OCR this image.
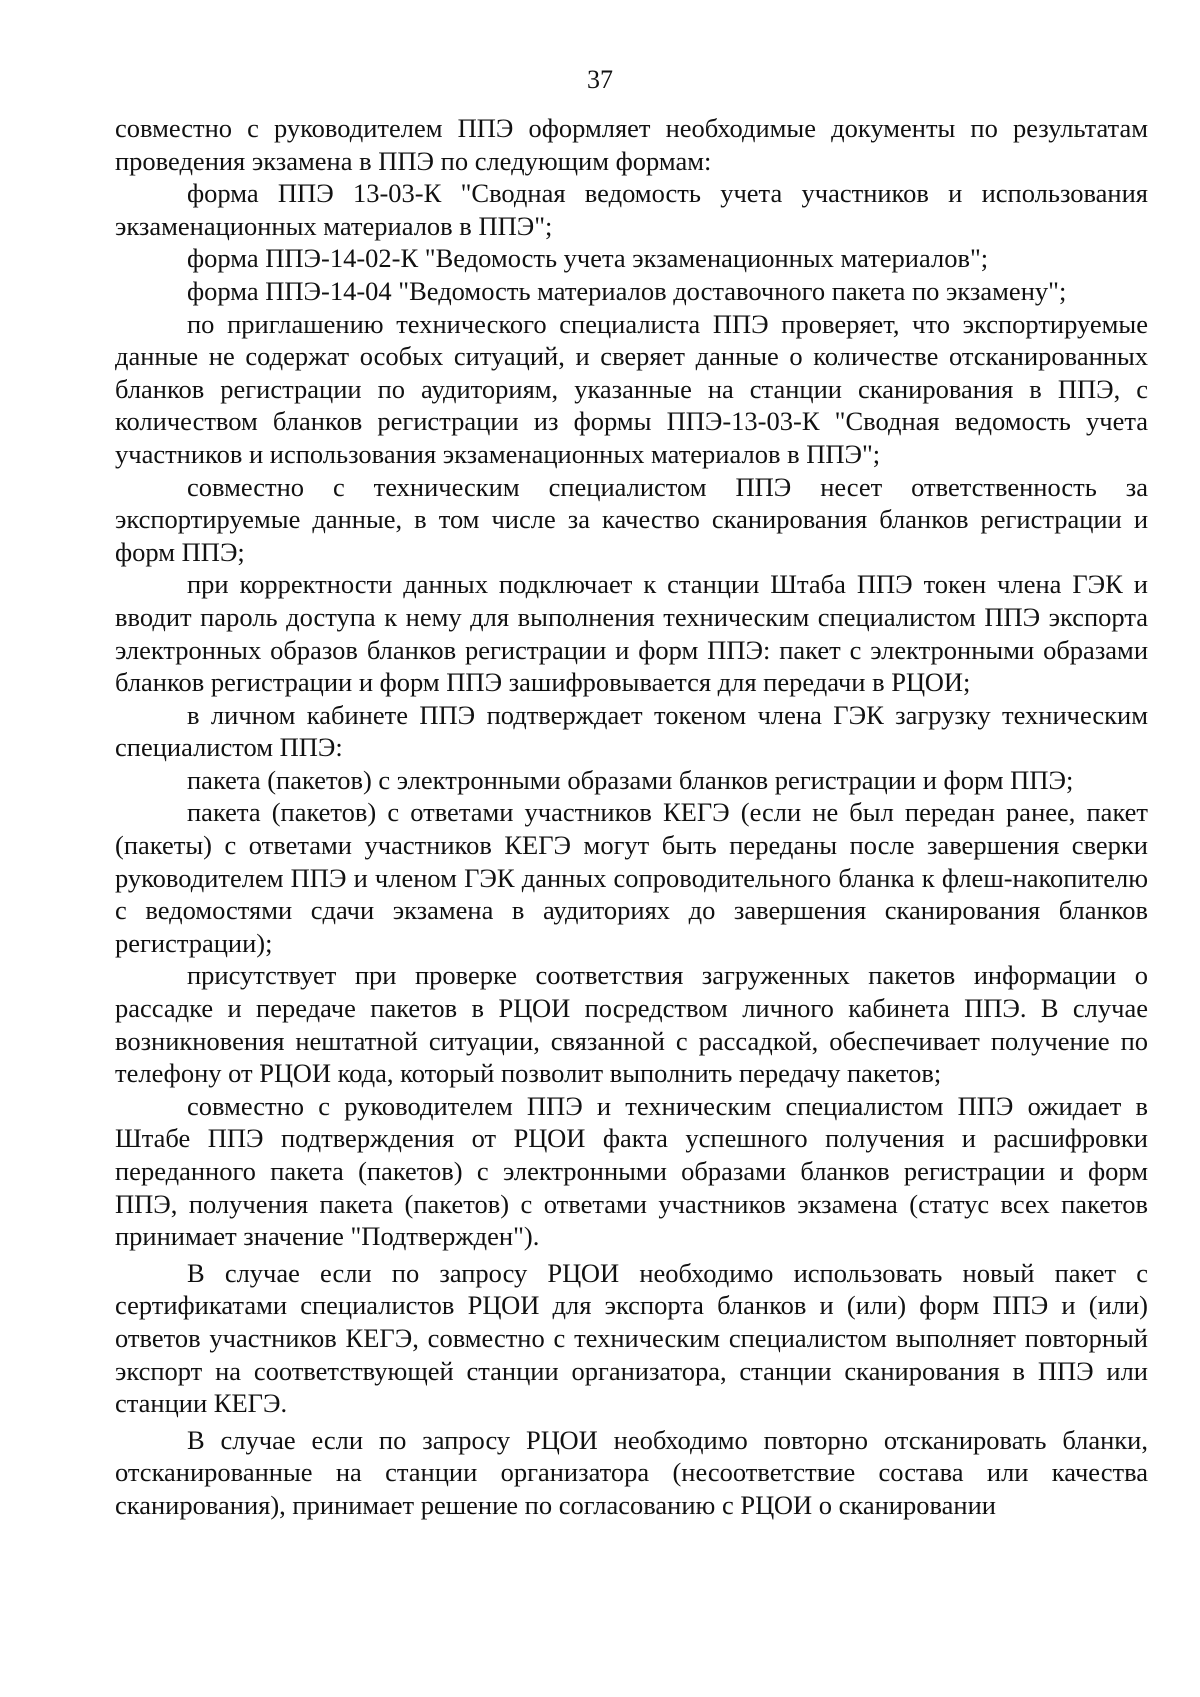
37

совместно с руководителем ППЭ оформляет необходимые документы по результатам проведения экзамена в ППЭ по следующим формам:

форма ППЭ 13-03-К "Сводная ведомость учета участников и использования экзаменационных материалов в ППЭ";

форма ППЭ-14-02-К "Ведомость учета экзаменационных материалов";

форма ППЭ-14-04 "Ведомость материалов доставочного пакета по экзамену";

по приглашению технического специалиста ППЭ проверяет, что экспортируемые данные не содержат особых ситуаций, и сверяет данные о количестве отсканированных бланков регистрации по аудиториям, указанные на станции сканирования в ППЭ, с количеством бланков регистрации из формы ППЭ-13-03-К "Сводная ведомость учета участников и использования экзаменационных материалов в ППЭ";

совместно с техническим специалистом ППЭ несет ответственность за экспортируемые данные, в том числе за качество сканирования бланков регистрации и форм ППЭ;

при корректности данных подключает к станции Штаба ППЭ токен члена ГЭК и вводит пароль доступа к нему для выполнения техническим специалистом ППЭ экспорта электронных образов бланков регистрации и форм ППЭ: пакет с электронными образами бланков регистрации и форм ППЭ зашифровывается для передачи в РЦОИ;

в личном кабинете ППЭ подтверждает токеном члена ГЭК загрузку техническим специалистом ППЭ:

пакета (пакетов) с электронными образами бланков регистрации и форм ППЭ;

пакета (пакетов) с ответами участников КЕГЭ (если не был передан ранее, пакет (пакеты) с ответами участников КЕГЭ могут быть переданы после завершения сверки руководителем ППЭ и членом ГЭК данных сопроводительного бланка к флеш-накопителю с ведомостями сдачи экзамена в аудиториях до завершения сканирования бланков регистрации);

присутствует при проверке соответствия загруженных пакетов информации о рассадке и передаче пакетов в РЦОИ посредством личного кабинета ППЭ. В случае возникновения нештатной ситуации, связанной с рассадкой, обеспечивает получение по телефону от РЦОИ кода, который позволит выполнить передачу пакетов;

совместно с руководителем ППЭ и техническим специалистом ППЭ ожидает в Штабе ППЭ подтверждения от РЦОИ факта успешного получения и расшифровки переданного пакета (пакетов) с электронными образами бланков регистрации и форм ППЭ, получения пакета (пакетов) с ответами участников экзамена (статус всех пакетов принимает значение "Подтвержден").

В случае если по запросу РЦОИ необходимо использовать новый пакет с сертификатами специалистов РЦОИ для экспорта бланков и (или) форм ППЭ и (или) ответов участников КЕГЭ, совместно с техническим специалистом выполняет повторный экспорт на соответствующей станции организатора, станции сканирования в ППЭ или станции КЕГЭ.

В случае если по запросу РЦОИ необходимо повторно отсканировать бланки, отсканированные на станции организатора (несоответствие состава или качества сканирования), принимает решение по согласованию с РЦОИ о сканировании
